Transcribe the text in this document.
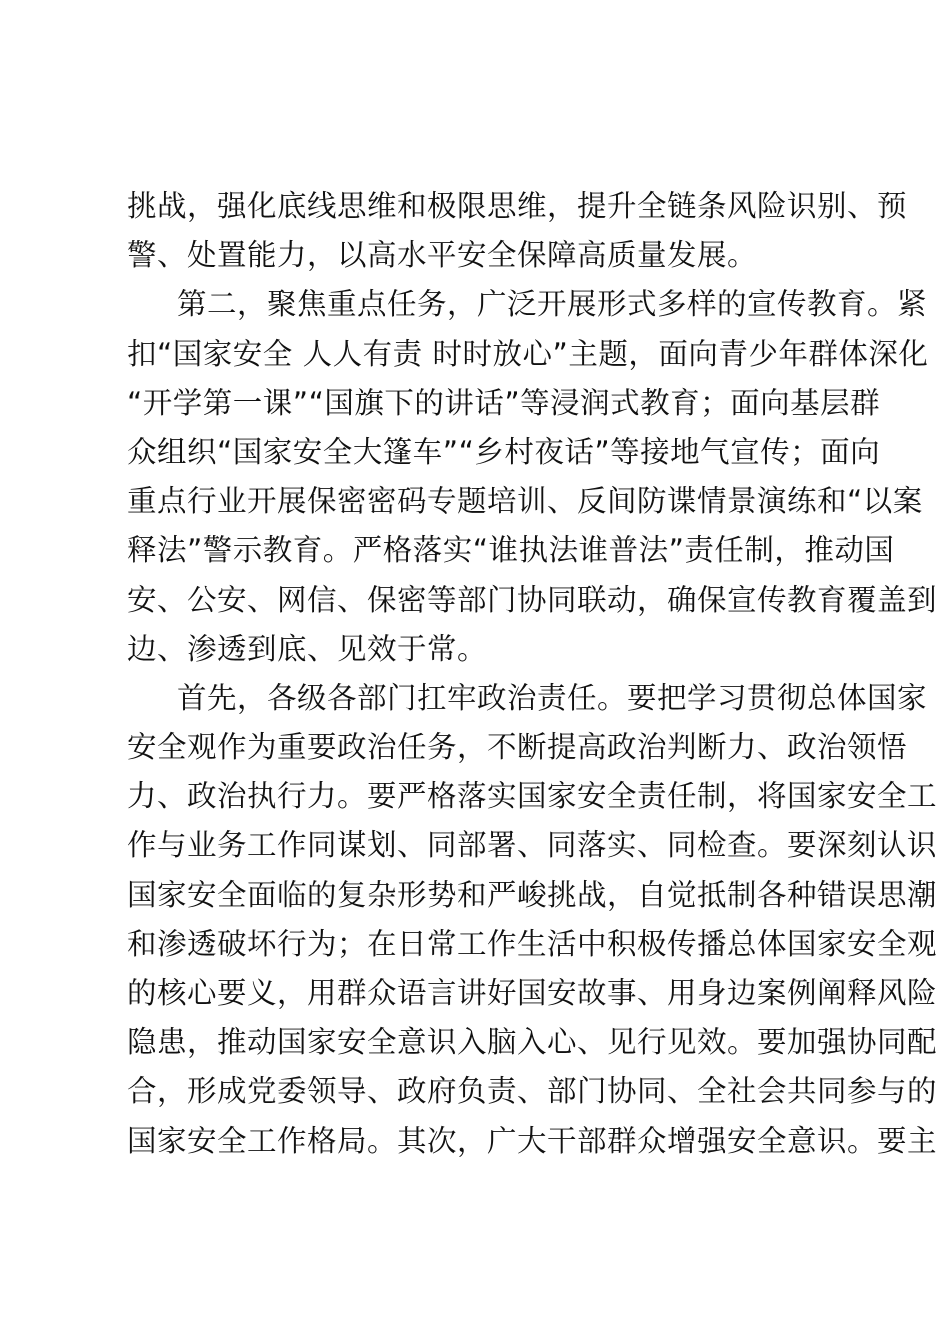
挑战，强化底线思维和极限思维，提升全链条风险识别、预
警、处置能力，以高水平安全保障高质量发展。
第二，聚焦重点任务，广泛开展形式多样的宣传教育。紧
扣“国家安全 人人有责 时时放心”主题，面向青少年群体深化
“开学第一课”“国旗下的讲话”等浸润式教育；面向基层群
众组织“国家安全大篷车”“乡村夜话”等接地气宣传；面向
重点行业开展保密密码专题培训、反间防谍情景演练和“以案
释法”警示教育。严格落实“谁执法谁普法”责任制，推动国
安、公安、网信、保密等部门协同联动，确保宣传教育覆盖到
边、渗透到底、见效于常。
首先，各级各部门扛牢政治责任。要把学习贯彻总体国家
安全观作为重要政治任务，不断提高政治判断力、政治领悟
力、政治执行力。要严格落实国家安全责任制，将国家安全工
作与业务工作同谋划、同部署、同落实、同检查。要深刻认识
国家安全面临的复杂形势和严峻挑战，自觉抵制各种错误思潮
和渗透破坏行为；在日常工作生活中积极传播总体国家安全观
的核心要义，用群众语言讲好国安故事、用身边案例阐释风险
隐患，推动国家安全意识入脑入心、见行见效。要加强协同配
合，形成党委领导、政府负责、部门协同、全社会共同参与的
国家安全工作格局。其次，广大干部群众增强安全意识。要主
